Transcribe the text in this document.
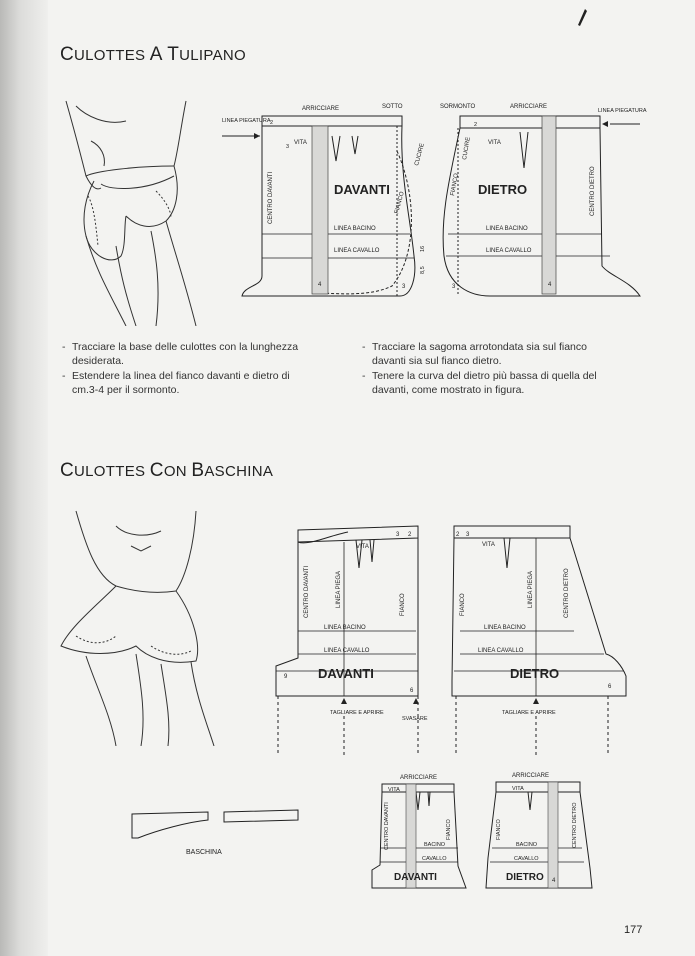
CULOTTES A TULIPANO
ARRICCIARE	SOTTO
LINEA PIEGATURA 2
3
VITA
CENTRO DAVANTI	DAVANTI
FIANCO
CUCIRE
LINEA BACINO
LINEA CAVALLO
4	3
8,5
16
SORMONTO	ARRICCIARE
LINEA PIEGATURA
2
VITA
FIANCO
CUCIRE
DIETRO	CENTRO DIETRO
LINEA BACINO
LINEA CAVALLO
3	4
- Tracciare la base delle culottes con la lunghezza desiderata.
- Estendere la linea del fianco davanti e dietro di cm.3-4 per il sormonto.
- Tracciare la sagoma arrotondata sia sul fianco davanti sia sul fianco dietro.
- Tenere la curva del dietro più bassa di quella del davanti, come mostrato in figura.
CULOTTES CON BASCHINA
3 2
VITA
CENTRO DAVANTI	LINEA PIEGA	FIANCO
LINEA BACINO
LINEA CAVALLO
DAVANTI
9
6
TAGLIARE E APRIRE
SVASARE
2 3
VITA
FIANCO	LINEA PIEGA	CENTRO DIETRO
LINEA BACINO
LINEA CAVALLO
DIETRO
6
TAGLIARE E APRIRE
BASCHINA
ARRICCIARE
VITA
CENTRO DAVANTI	FIANCO
BACINO
CAVALLO
DAVANTI
ARRICCIARE
VITA
FIANCO	CENTRO DIETRO
BACINO
CAVALLO
DIETRO 4
177
